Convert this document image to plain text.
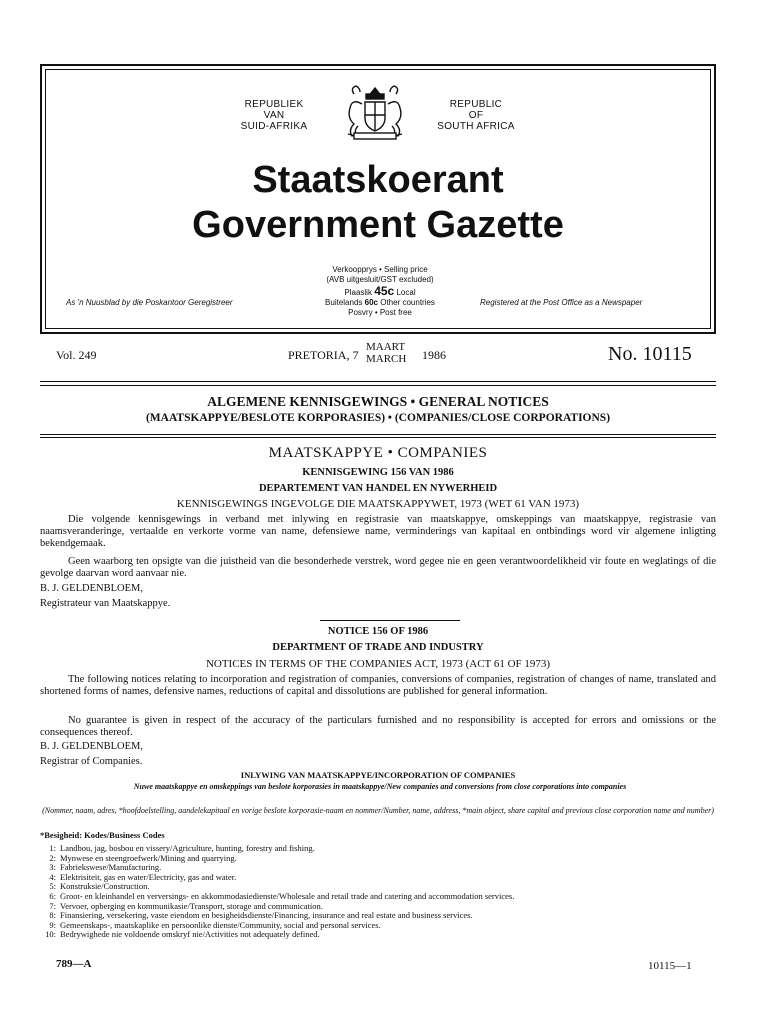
REPUBLIEK
VAN
SUID-AFRIKA
REPUBLIC
OF
SOUTH AFRICA
Staatskoerant
Government Gazette
Verkoopprys • Selling price
(AVB uitgesluit/GST excluded)
Plaaslik 45c Local
Buitelands 60c Other countries
Posvry • Post free
As 'n Nuusblad by die Poskantoor Geregistreer	Registered at the Post Office as a Newspaper
Vol. 249	PRETORIA, 7
MAART
MARCH 1986	No. 10115
ALGEMENE KENNISGEWINGS • GENERAL NOTICES
(MAATSKAPPYE/BESLOTE KORPORASIES) • (COMPANIES/CLOSE CORPORATIONS)
MAATSKAPPYE • COMPANIES
KENNISGEWING 156 VAN 1986
DEPARTEMENT VAN HANDEL EN NYWERHEID
KENNISGEWINGS INGEVOLGE DIE MAATSKAPPYWET, 1973 (WET 61 VAN 1973)
Die volgende kennisgewings in verband met inlywing en registrasie van maatskappye, omskeppings van maatskappye, registrasie van naamsveranderinge, vertaalde en verkorte vorme van name, defensiewe name, verminderings van kapitaal en ontbindings word vir algemene inligting bekendgemaak.
Geen waarborg ten opsigte van die juistheid van die besonderhede verstrek, word gegee nie en geen verantwoordelikheid vir foute en weglatings of die gevolge daarvan word aanvaar nie.
B. J. GELDENBLOEM,
Registrateur van Maatskappye.
NOTICE 156 OF 1986
DEPARTMENT OF TRADE AND INDUSTRY
NOTICES IN TERMS OF THE COMPANIES ACT, 1973 (ACT 61 OF 1973)
The following notices relating to incorporation and registration of companies, conversions of companies, registration of changes of name, translated and shortened forms of names, defensive names, reductions of capital and dissolutions are published for general information.
No guarantee is given in respect of the accuracy of the particulars furnished and no responsibility is accepted for errors and omissions or the consequences thereof.
B. J. GELDENBLOEM,
Registrar of Companies.
INLYWING VAN MAATSKAPPYE/INCORPORATION OF COMPANIES
Nuwe maatskappye en omskeppings van beslote korporasies in maatskappye/New companies and conversions from close corporations into companies
(Nommer, naam, adres, *hoofdoelstelling, aandelekapitaal en vorige beslote korporasie-naam en nommer/Number, name, address, *main object, share capital and previous close corporation name and number)
*Besigheid: Kodes/Business Codes
1: Landbou, jag, bosbou en vissery/Agriculture, hunting, forestry and fishing.
2: Mynwese en steengroefwerk/Mining and quarrying.
3: Fabriekswese/Manufacturing.
4: Elektrisiteit, gas en water/Electricity, gas and water.
5: Konstruksie/Construction.
6: Groot- en kleinhandel en verversings- en akkommodasiedienste/Wholesale and retail trade and catering and accommodation services.
7: Vervoer, opberging en kommunikasie/Transport, storage and communication.
8: Finansiering, versekering, vaste eiendom en besigheidsdienste/Financing, insurance and real estate and business services.
9: Gemeenskaps-, maatskaplike en persoonlike dienste/Community, social and personal services.
10: Bedrywighede nie voldoende omskryf nie/Activities not adequately defined.
789—A	10115—1
